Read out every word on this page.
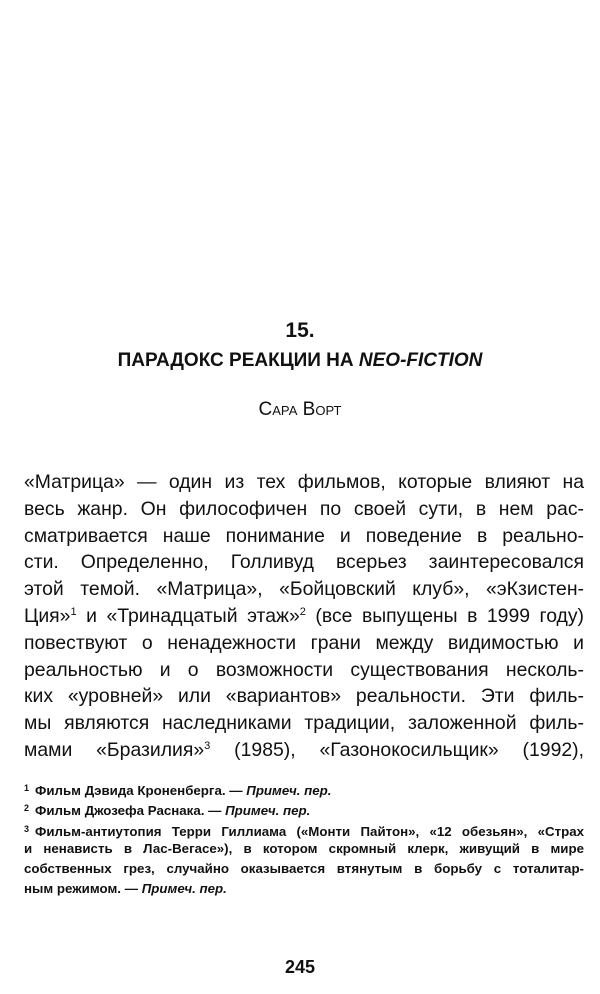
15.
ПАРАДОКС РЕАКЦИИ НА NEO-FICTION
Сара Ворт
«Матрица» — один из тех фильмов, которые влияют на
весь жанр. Он философичен по своей сути, в нем рас-
сматривается наше понимание и поведение в реально-
сти. Определенно, Голливуд всерьез заинтересовался
этой темой. «Матрица», «Бойцовский клуб», «эКзистен-
Ция»$^1$ и «Тринадцатый этаж»$^2$ (все выпущены в 1999 году)
повествуют о ненадежности грани между видимостью и
реальностью и о возможности существования несколь-
ких «уровней» или «вариантов» реальности. Эти филь-
мы являются наследниками традиции, заложенной филь-
мами «Бразилия»$^3$ (1985), «Газонокосильщик» (1992),
$^1$ Фильм Дэвида Кроненберга. — Примеч. пер.
$^2$ Фильм Джозефа Раснака. — Примеч. пер.
$^3$ Фильм-антиутопия Терри Гиллиама («Монти Пайтон», «12 обезьян», «Страх
и ненависть в Лас-Вегасе»), в котором скромный клерк, живущий в мире
собственных грез, случайно оказывается втянутым в борьбу с тоталитар-
ным режимом. — Примеч. пер.
245
